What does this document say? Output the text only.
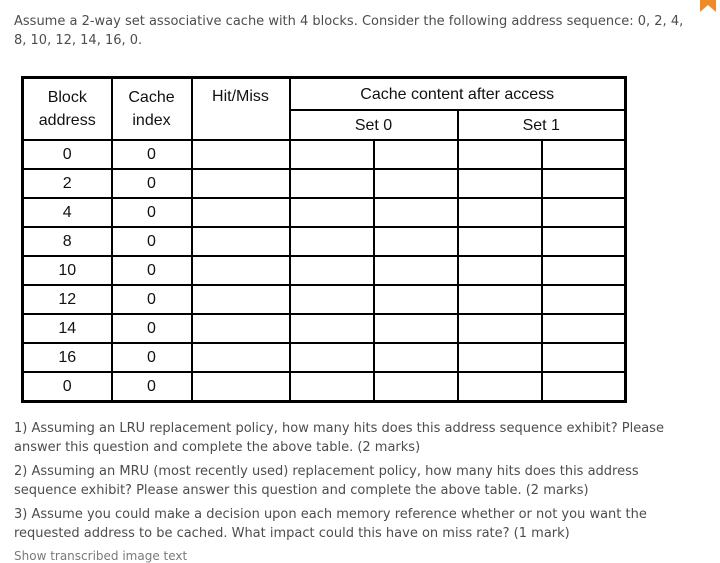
Assume a 2-way set associative cache with 4 blocks. Consider the following address sequence: 0, 2, 4, 8, 10, 12, 14, 16, 0.
Block address	Cache index	Hit/Miss	Cache content after access			
			Set 0		Set 1	
0	0					
2	0					
4	0					
8	0					
10	0					
12	0					
14	0					
16	0					
0	0					
1) Assuming an LRU replacement policy, how many hits does this address sequence exhibit? Please answer this question and complete the above table. (2 marks)
2) Assuming an MRU (most recently used) replacement policy, how many hits does this address sequence exhibit? Please answer this question and complete the above table. (2 marks)
3) Assume you could make a decision upon each memory reference whether or not you want the requested address to be cached. What impact could this have on miss rate? (1 mark)
Show transcribed image text
